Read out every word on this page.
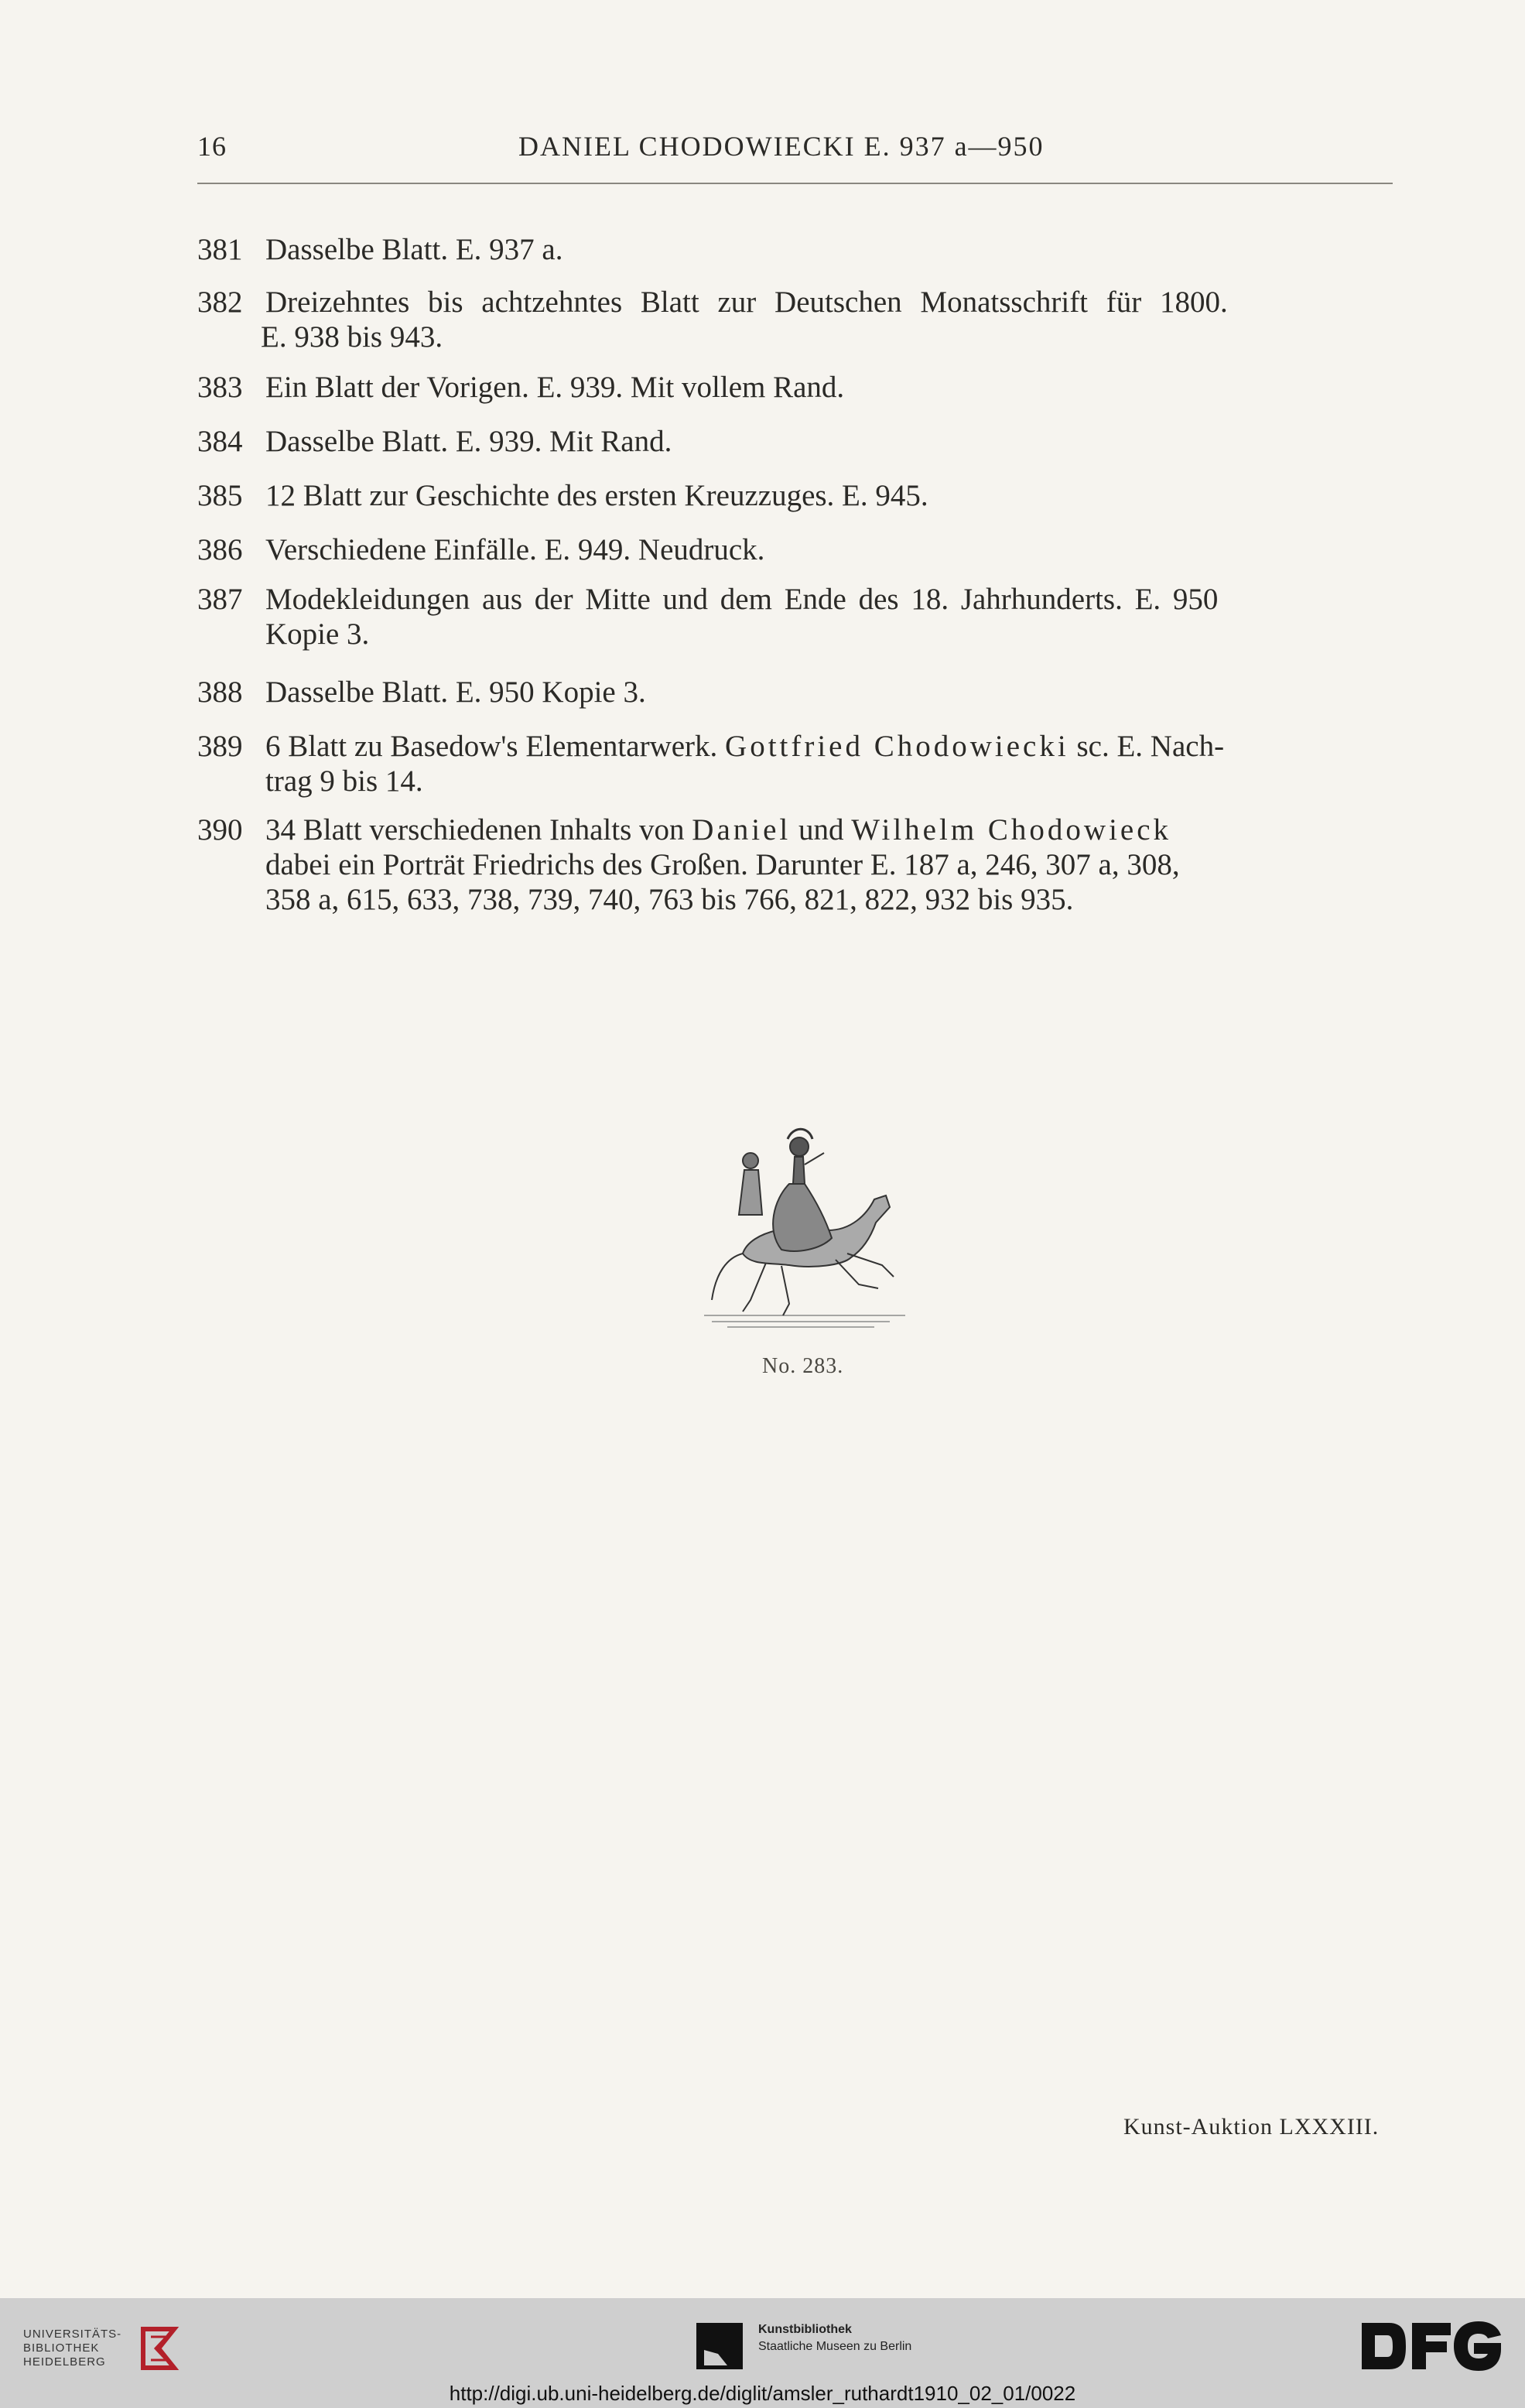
16	DANIEL CHODOWIECKI E. 937 a—950
381 Dasselbe Blatt. E. 937 a.
382 Dreizehntes bis achtzehntes Blatt zur Deutschen Monatsschrift für 1800.
E. 938 bis 943.
383 Ein Blatt der Vorigen. E. 939. Mit vollem Rand.
384 Dasselbe Blatt. E. 939. Mit Rand.
385 12 Blatt zur Geschichte des ersten Kreuzzuges. E. 945.
386 Verschiedene Einfälle. E. 949. Neudruck.
387 Modekleidungen aus der Mitte und dem Ende des 18. Jahrhunderts. E. 950
Kopie 3.
388 Dasselbe Blatt. E. 950 Kopie 3.
389 6 Blatt zu Basedow's Elementarwerk. Gottfried Chodowiecki sc. E. Nach-
trag 9 bis 14.
390 34 Blatt verschiedenen Inhalts von Daniel und Wilhelm Chodowieck
dabei ein Porträt Friedrichs des Großen. Darunter E. 187 a, 246, 307 a, 308,
358 a, 615, 633, 738, 739, 740, 763 bis 766, 821, 822, 932 bis 935.
No. 283.
Kunst-Auktion LXXXIII.
UNIVERSITÄTS-
BIBLIOTHEK
HEIDELBERG
Kunstbibliothek
Staatliche Museen zu Berlin
http://digi.ub.uni-heidelberg.de/diglit/amsler_ruthardt1910_02_01/0022
